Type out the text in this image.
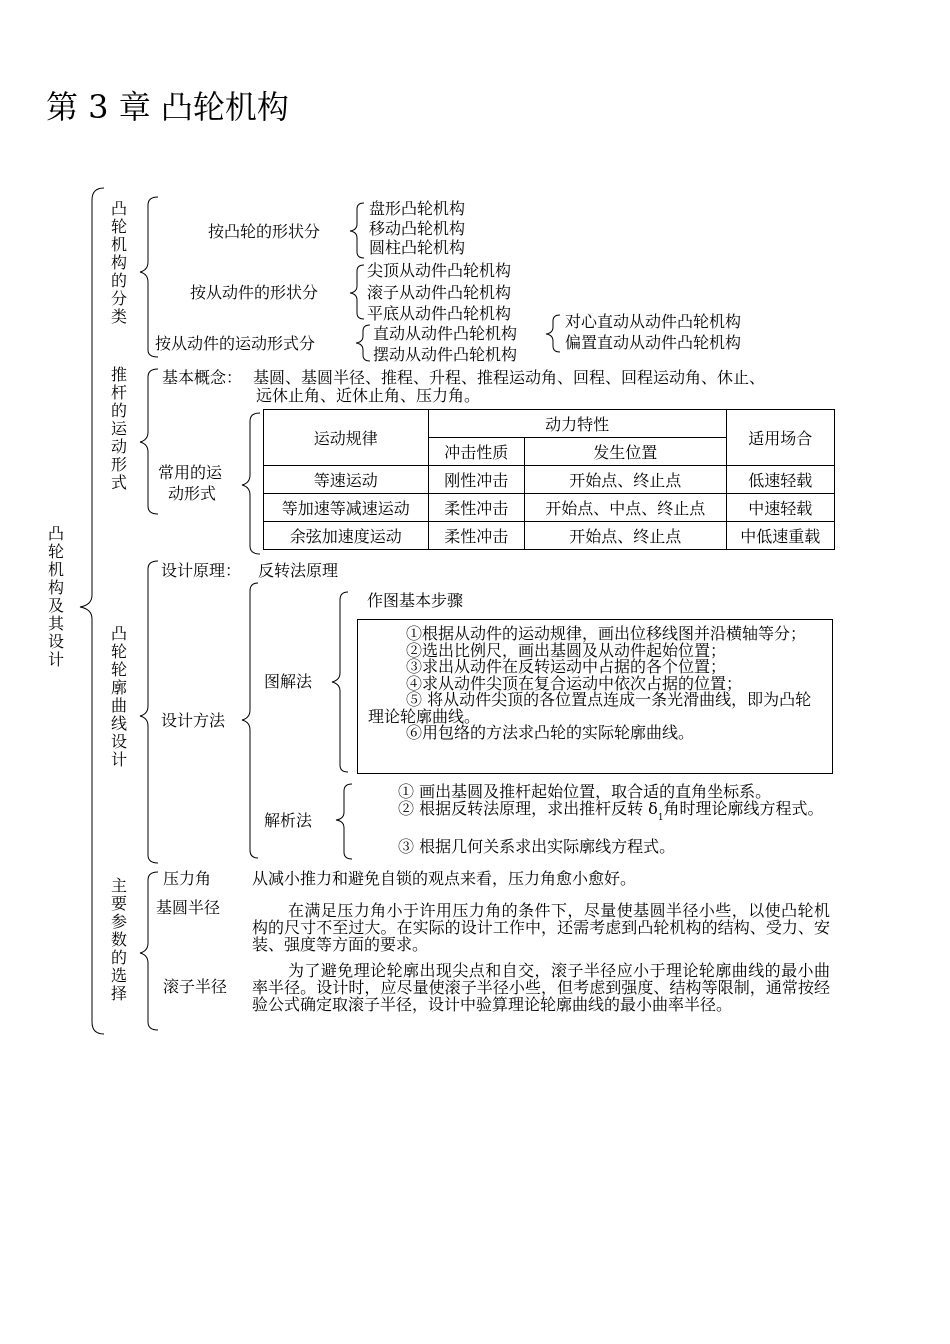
第 3 章 凸轮机构
凸轮机构及其设计
凸轮机构的分类
推杆的运动形式
凸轮轮廓曲线设计
主要参数的选择
按凸轮的形状分
盘形凸轮机构
移动凸轮机构
圆柱凸轮机构
按从动件的形状分
尖顶从动件凸轮机构
滚子从动件凸轮机构
平底从动件凸轮机构
按从动件的运动形式分
直动从动件凸轮机构
摆动从动件凸轮机构
对心直动从动件凸轮机构
偏置直动从动件凸轮机构
基本概念： 基圆、基圆半径、推程、升程、推程运动角、回程、回程运动角、休止、
远休止角、近休止角、压力角。
常用的运
动形式
运动规律	动力特性		适用场合
	冲击性质	发生位置	
等速运动	刚性冲击	开始点、终止点	低速轻载
等加速等减速运动	柔性冲击	开始点、中点、终止点	中速轻载
余弦加速度运动	柔性冲击	开始点、终止点	中低速重载
设计原理： 反转法原理
设计方法
图解法
作图基本步骤
①根据从动件的运动规律，画出位移线图并沿横轴等分；
②选出比例尺，画出基圆及从动件起始位置；
③求出从动件在反转运动中占据的各个位置；
④求从动件尖顶在复合运动中依次占据的位置；
⑤ 将从动件尖顶的各位置点连成一条光滑曲线，即为凸轮理论轮廓曲线。
⑥用包络的方法求凸轮的实际轮廓曲线。
解析法
① 画出基圆及推杆起始位置，取合适的直角坐标系。
② 根据反转法原理，求出推杆反转 $\delta_1$角时理论廓线方程式。
③ 根据几何关系求出实际廓线方程式。
压力角	从减小推力和避免自锁的观点来看，压力角愈小愈好。
基圆半径	在满足压力角小于许用压力角的条件下，尽量使基圆半径小些，以使凸轮机构的尺寸不至过大。在实际的设计工作中，还需考虑到凸轮机构的结构、受力、安装、强度等方面的要求。
滚子半径
为了避免理论轮廓出现尖点和自交，滚子半径应小于理论轮廓曲线的最小曲率半径。设计时，应尽量使滚子半径小些，但考虑到强度、结构等限制，通常按经验公式确定取滚子半径，设计中验算理论轮廓曲线的最小曲率半径。
